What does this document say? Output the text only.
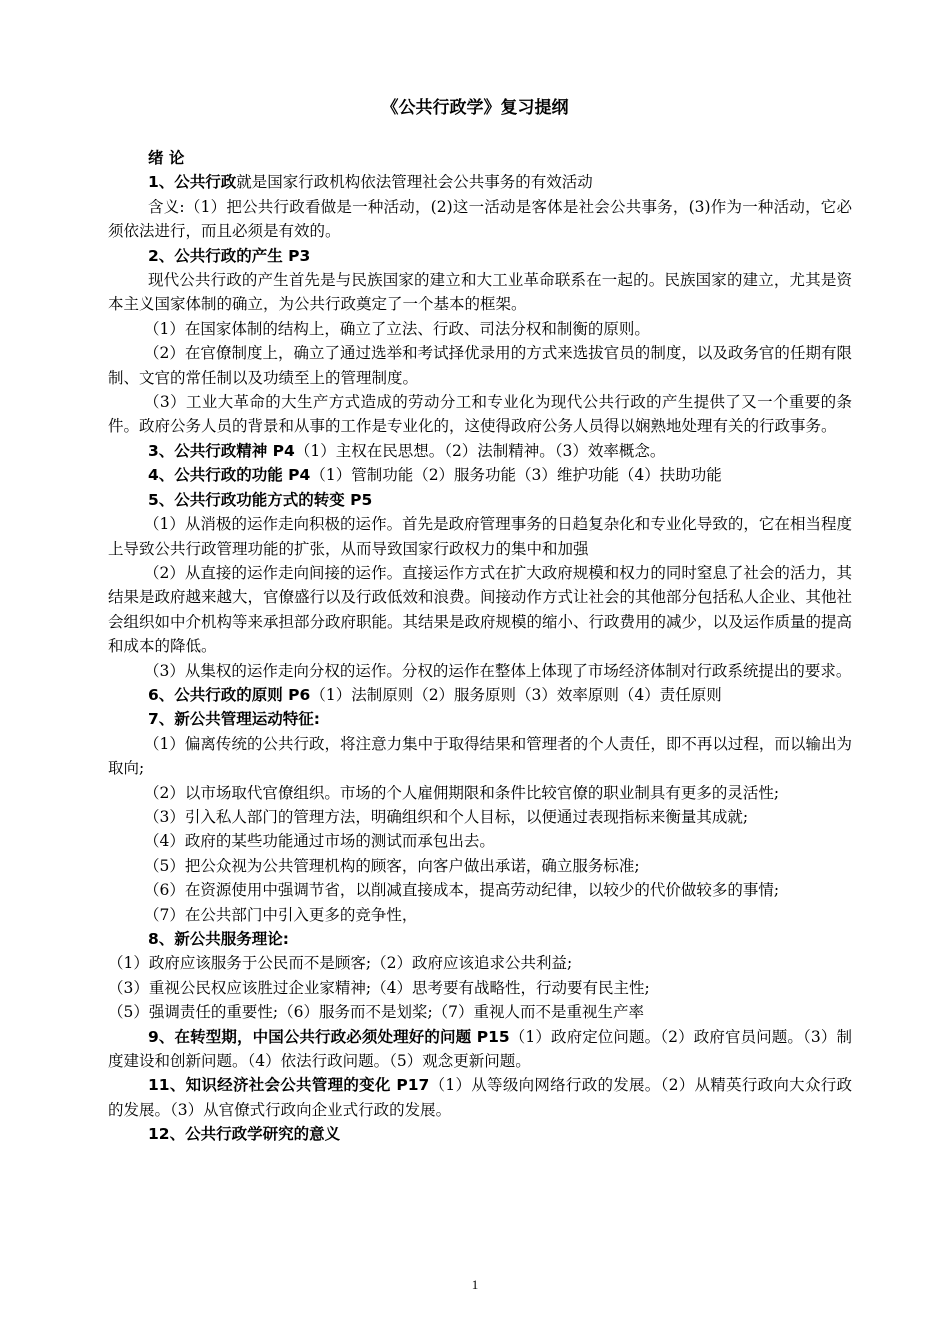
《公共行政学》复习提纲

绪 论

1、公共行政就是国家行政机构依法管理社会公共事务的有效活动

含义:（1）把公共行政看做是一种活动，(2)这一活动是客体是社会公共事务，(3)作为一种活动，它必须依法进行，而且必须是有效的。

2、公共行政的产生 P3

现代公共行政的产生首先是与民族国家的建立和大工业革命联系在一起的。民族国家的建立，尤其是资本主义国家体制的确立，为公共行政奠定了一个基本的框架。

（1）在国家体制的结构上，确立了立法、行政、司法分权和制衡的原则。

（2）在官僚制度上，确立了通过选举和考试择优录用的方式来选拔官员的制度，以及政务官的任期有限制、文官的常任制以及功绩至上的管理制度。

（3）工业大革命的大生产方式造成的劳动分工和专业化为现代公共行政的产生提供了又一个重要的条件。政府公务人员的背景和从事的工作是专业化的，这使得政府公务人员得以娴熟地处理有关的行政事务。

3、公共行政精神 P4（1）主权在民思想。（2）法制精神。（3）效率概念。

4、公共行政的功能 P4（1）管制功能（2）服务功能（3）维护功能（4）扶助功能

5、公共行政功能方式的转变 P5

（1）从消极的运作走向积极的运作。首先是政府管理事务的日趋复杂化和专业化导致的，它在相当程度上导致公共行政管理功能的扩张，从而导致国家行政权力的集中和加强

（2）从直接的运作走向间接的运作。直接运作方式在扩大政府规模和权力的同时窒息了社会的活力，其结果是政府越来越大，官僚盛行以及行政低效和浪费。间接动作方式让社会的其他部分包括私人企业、其他社会组织如中介机构等来承担部分政府职能。其结果是政府规模的缩小、行政费用的减少，以及运作质量的提高和成本的降低。

（3）从集权的运作走向分权的运作。分权的运作在整体上体现了市场经济体制对行政系统提出的要求。

6、公共行政的原则 P6（1）法制原则（2）服务原则（3）效率原则（4）责任原则

7、新公共管理运动特征:

（1）偏离传统的公共行政，将注意力集中于取得结果和管理者的个人责任，即不再以过程，而以输出为取向;

（2）以市场取代官僚组织。市场的个人雇佣期限和条件比较官僚的职业制具有更多的灵活性;

（3）引入私人部门的管理方法，明确组织和个人目标，以便通过表现指标来衡量其成就;

（4）政府的某些功能通过市场的测试而承包出去。

（5）把公众视为公共管理机构的顾客，向客户做出承诺，确立服务标准;

（6）在资源使用中强调节省，以削减直接成本，提高劳动纪律，以较少的代价做较多的事情;

（7）在公共部门中引入更多的竞争性，

8、新公共服务理论:

（1）政府应该服务于公民而不是顾客;（2）政府应该追求公共利益;

（3）重视公民权应该胜过企业家精神;（4）思考要有战略性，行动要有民主性;

（5）强调责任的重要性;（6）服务而不是划桨;（7）重视人而不是重视生产率

9、在转型期，中国公共行政必须处理好的问题 P15（1）政府定位问题。（2）政府官员问题。（3）制度建设和创新问题。（4）依法行政问题。（5）观念更新问题。

11、知识经济社会公共管理的变化 P17（1）从等级向网络行政的发展。（2）从精英行政向大众行政的发展。（3）从官僚式行政向企业式行政的发展。

12、公共行政学研究的意义

1
